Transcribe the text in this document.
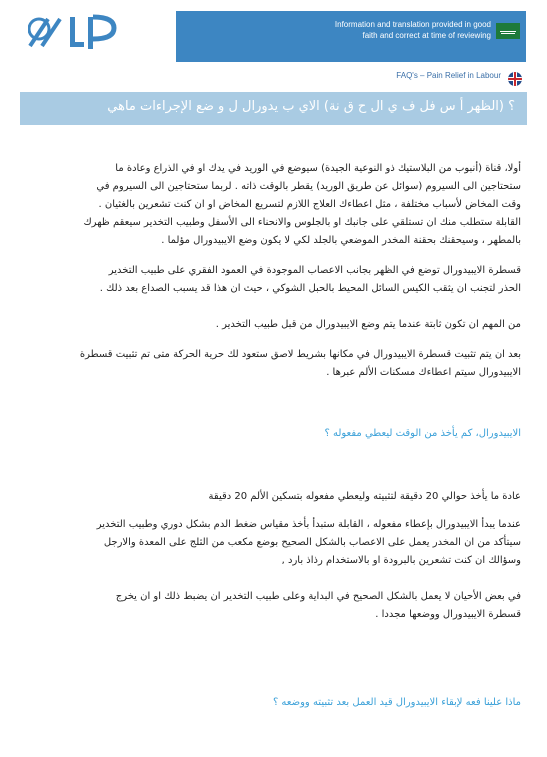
Information and translation provided in good
faith and correct at time of reviewing
FAQ's – Pain Relief in Labour
؟ (الظهر أ س فل ف ي ال ح ق نة) الاي ب يدورال ل و ضع الإجراءات ماهي
أولا، قناة (أنبوب من البلاستيك ذو النوعية الجيدة) سيوضع في الوريد في يدك او في الذراع وعادة ما
ستحتاجين الى السيروم (سوائل عن طريق الوريد) يقطر بالوقت ذاته . لربما ستحتاجين الى السيروم في
وقت المخاض لأسباب مختلفة ، مثل اعطاءك العلاج اللازم لتسريع المخاض او ان كنت تشعرين بالغثيان .
القابلة ستطلب منك ان تستلقي على جانبك او بالجلوس والانحناء الى الأسفل وطبيب التخدير سيعقم ظهرك
بالمطهر ، وسيحقنك بحقنة المخدر الموضعي بالجلد لكي لا يكون وضع الايبيدورال مؤلما .
قسطرة الايبيدورال توضع في الظهر بجانب الاعصاب الموجودة في العمود الفقري على طبيب التخدير
الحذر لتجنب ان يثقب الكيس السائل المحيط بالحبل الشوكي ، حيث ان هذا قد يسبب الصداع بعد ذلك .
من المهم ان تكون ثابتة عندما يتم وضع الايبيدورال من قبل طبيب التخدير .
بعد ان يتم تثبيت قسطرة الايبيدورال في مكانها بشريط لاصق ستعود لك حرية الحركة متى تم تثبيت قسطرة
الايبيدورال سيتم اعطاءك مسكنات الألم عبرها .
الايبيدورال، كم يأخذ من الوقت ليعطي مفعوله ؟
عادة ما يأخذ حوالي 20 دقيقة لتثبيته وليعطي مفعوله بتسكين الألم 20 دقيقة
عندما يبدأ الايبيدورال بإعطاء مفعوله ، القابلة ستبدأ بأخذ مقياس ضغط الدم بشكل دوري وطبيب التخدير
سيتأكد من ان المخدر يعمل على الاعصاب بالشكل الصحيح بوضع مكعب من الثلج على المعدة والارجل
وسؤالك ان كنت تشعرين بالبرودة او بالاستخدام رذاذ بارد ,
في بعض الأحيان لا يعمل بالشكل الصحيح في البداية وعلى طبيب التخدير ان يضبط ذلك او ان يخرج
قسطرة الايبيدورال ووضعها مجددا .
ماذا علينا فعه لإبقاء الايبيدورال قيد العمل بعد تثبيته ووضعه ؟
